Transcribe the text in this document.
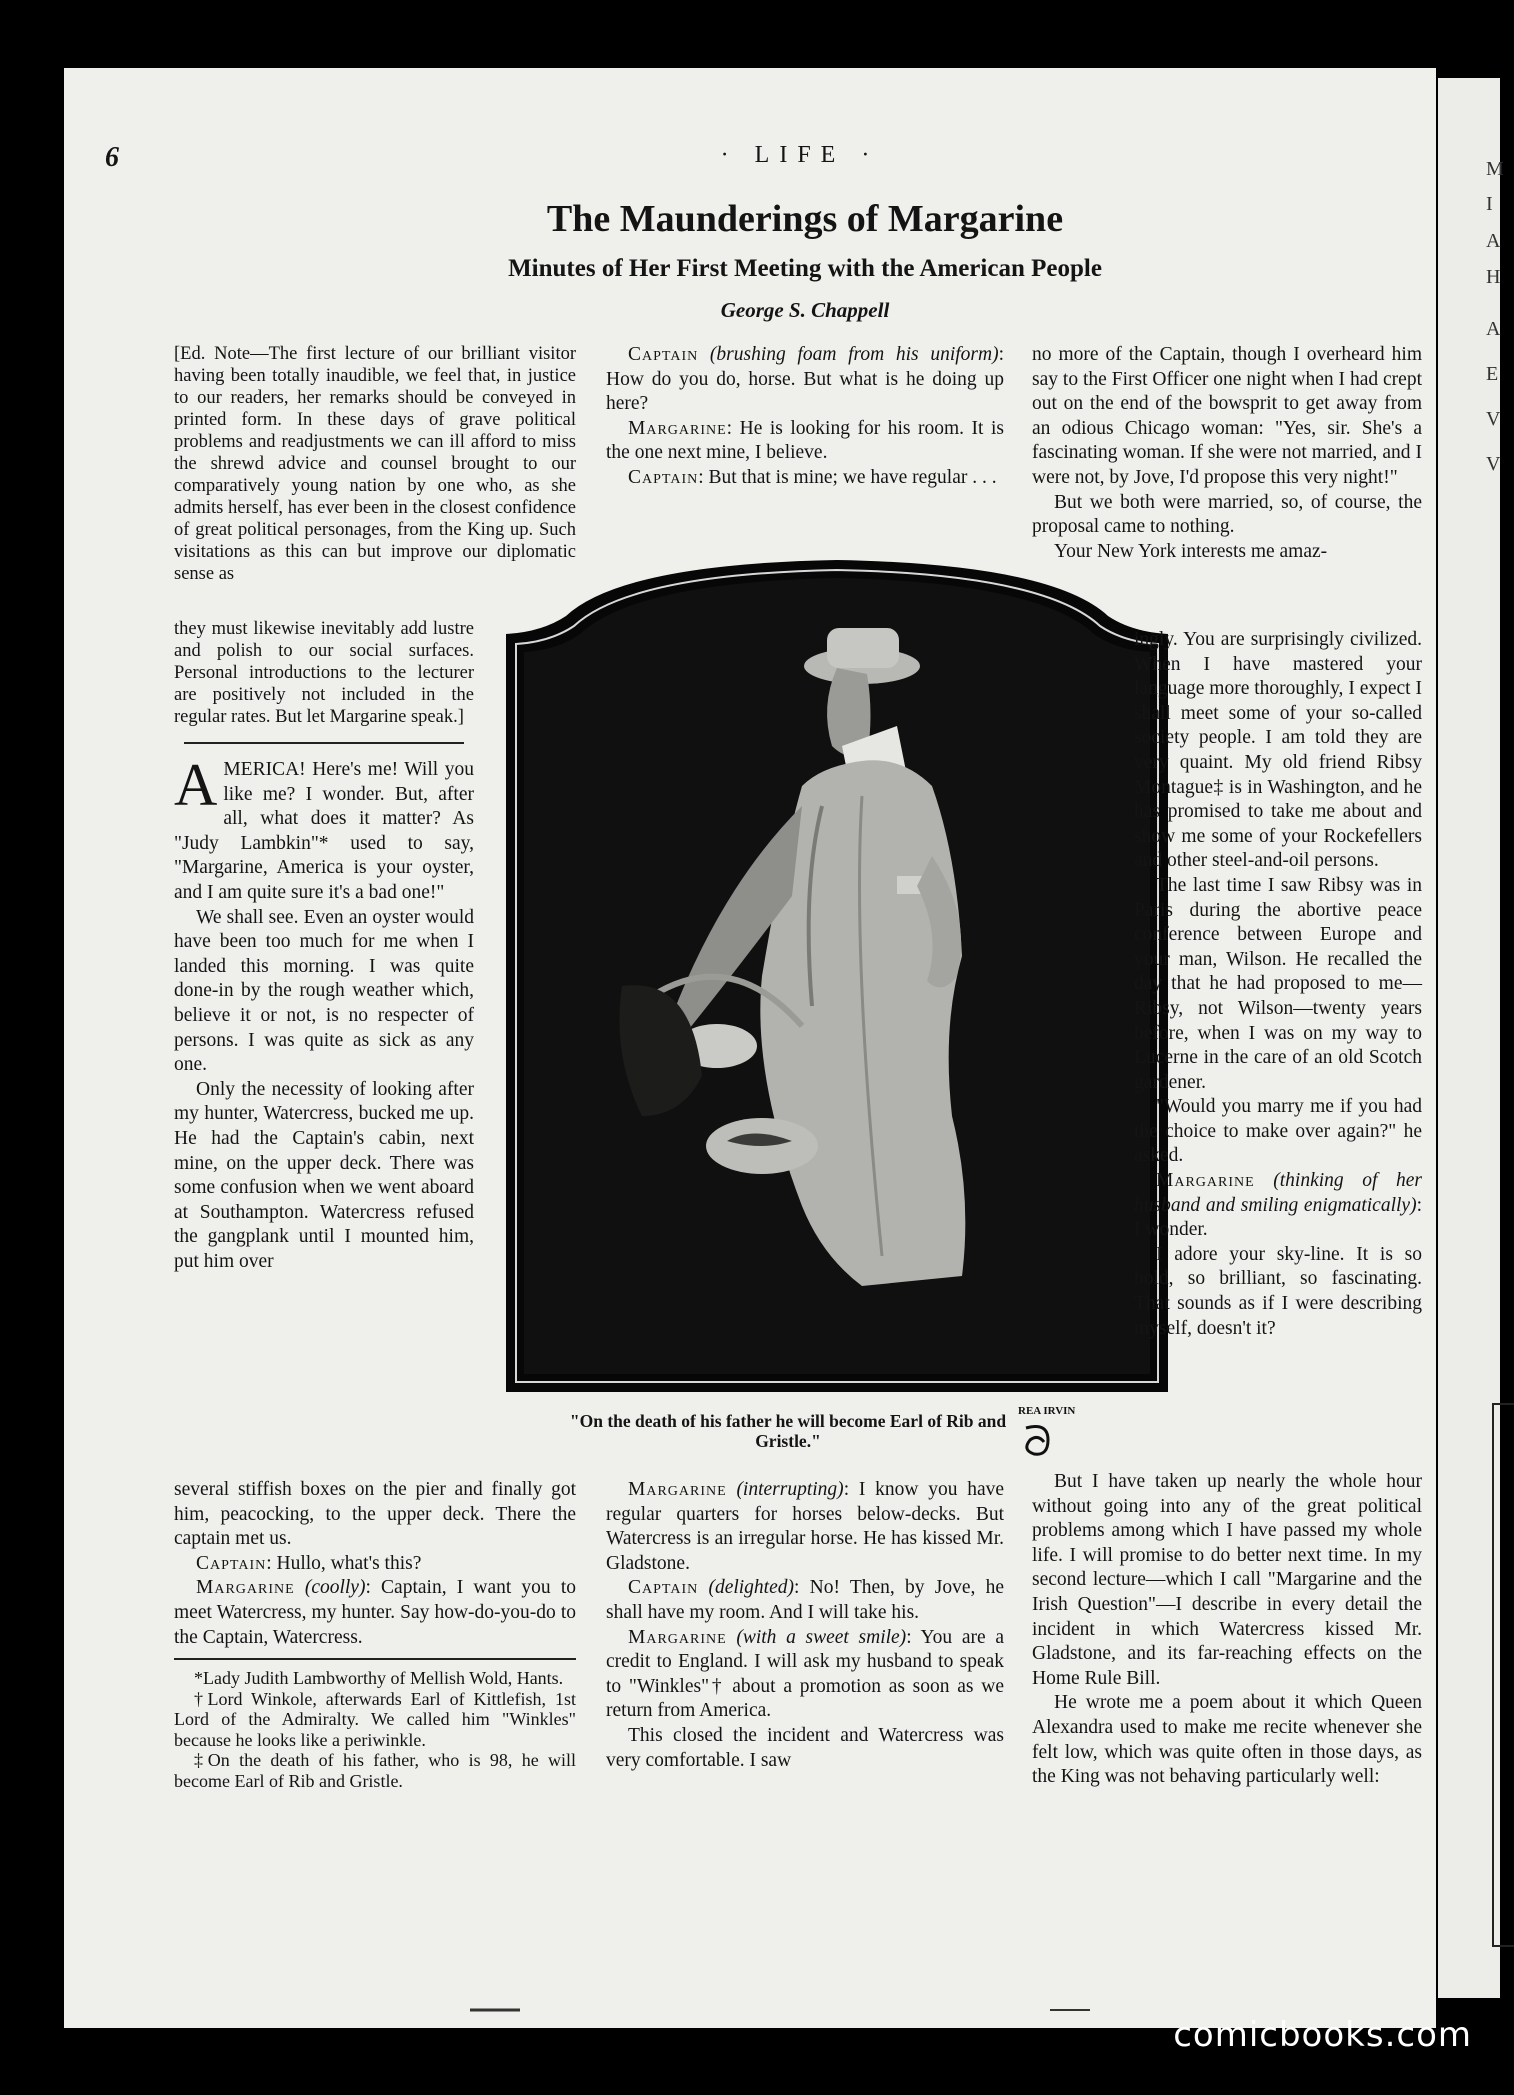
M
I
A
H
A
E
V
V
6	· LIFE ·
The Maunderings of Margarine
Minutes of Her First Meeting with the American People
George S. Chappell

[Ed. Note—The first lecture of our brilliant visitor having been totally inaudible, we feel that, in justice to our readers, her remarks should be conveyed in printed form. In these days of grave political problems and readjustments we can ill afford to miss the shrewd advice and counsel brought to our comparatively young nation by one who, as she admits herself, has ever been in the closest confidence of great political personages, from the King up. Such visitations as this can but improve our diplomatic sense as

they must likewise inevitably add lustre and polish to our social surfaces. Personal introductions to the lecturer are positively not included in the regular rates. But let Margarine speak.]

AMERICA! Here's me! Will you like me? I wonder. But, after all, what does it matter? As "Judy Lambkin"* used to say, "Margarine, America is your oyster, and I am quite sure it's a bad one!"

We shall see. Even an oyster would have been too much for me when I landed this morning. I was quite done-in by the rough weather which, believe it or not, is no respecter of persons. I was quite as sick as any one.

Only the necessity of looking after my hunter, Watercress, bucked me up. He had the Captain's cabin, next mine, on the upper deck. There was some confusion when we went aboard at Southampton. Watercress refused the gangplank until I mounted him, put him over

several stiffish boxes on the pier and finally got him, peacocking, to the upper deck. There the captain met us.

Captain: Hullo, what's this?

Margarine (coolly): Captain, I want you to meet Watercress, my hunter. Say how-do-you-do to the Captain, Watercress.

*Lady Judith Lambworthy of Mellish Wold, Hants.

†Lord Winkole, afterwards Earl of Kittlefish, 1st Lord of the Admiralty. We called him "Winkles" because he looks like a periwinkle.

‡On the death of his father, who is 98, he will become Earl of Rib and Gristle.

Captain (brushing foam from his uniform): How do you do, horse. But what is he doing up here?

Margarine: He is looking for his room. It is the one next mine, I believe.

Captain: But that is mine; we have regular . . .

"On the death of his father he will become Earl of Rib and Gristle."
REA IRVIN

Margarine (interrupting): I know you have regular quarters for horses below-decks. But Watercress is an irregular horse. He has kissed Mr. Gladstone.

Captain (delighted): No! Then, by Jove, he shall have my room. And I will take his.

Margarine (with a sweet smile): You are a credit to England. I will ask my husband to speak to "Winkles"† about a promotion as soon as we return from America.

This closed the incident and Watercress was very comfortable. I saw

no more of the Captain, though I overheard him say to the First Officer one night when I had crept out on the end of the bowsprit to get away from an odious Chicago woman: "Yes, sir. She's a fascinating woman. If she were not married, and I were not, by Jove, I'd propose this very night!"

But we both were married, so, of course, the proposal came to nothing.

Your New York interests me amaz-

ingly. You are surprisingly civilized. When I have mastered your language more thoroughly, I expect I shall meet some of your so-called society people. I am told they are very quaint. My old friend Ribsy Montague‡ is in Washington, and he has promised to take me about and show me some of your Rockefellers and other steel-and-oil persons.

The last time I saw Ribsy was in Paris during the abortive peace conference between Europe and your man, Wilson. He recalled the day that he had proposed to me—Ribsy, not Wilson—twenty years before, when I was on my way to Lucerne in the care of an old Scotch gardener.

"Would you marry me if you had the choice to make over again?" he asked.

Margarine (thinking of her husband and smiling enigmatically): I wonder.

I adore your sky-line. It is so bold, so brilliant, so fascinating. That sounds as if I were describing myself, doesn't it?

But I have taken up nearly the whole hour without going into any of the great political problems among which I have passed my whole life. I will promise to do better next time. In my second lecture—which I call "Margarine and the Irish Question"—I describe in every detail the incident in which Watercress kissed Mr. Gladstone, and its far-reaching effects on the Home Rule Bill.

He wrote me a poem about it which Queen Alexandra used to make me recite whenever she felt low, which was quite often in those days, as the King was not behaving particularly well:

comicbooks.com
